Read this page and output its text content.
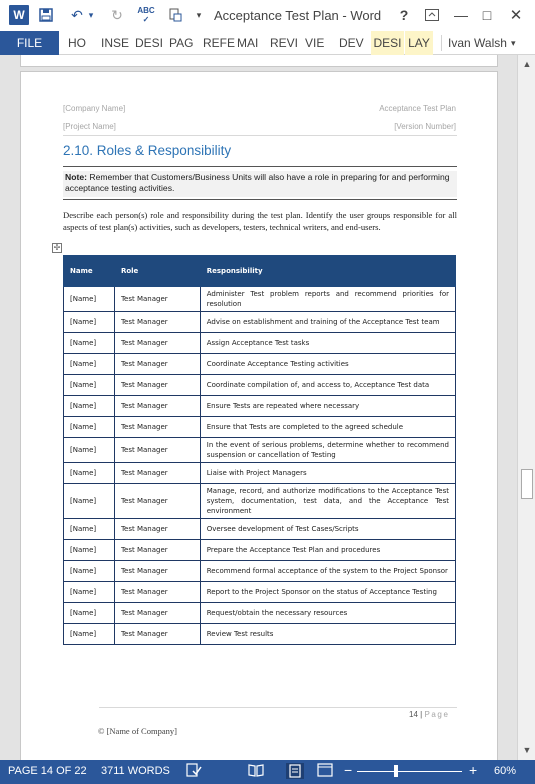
W	↶ ▾ ↻	ABC
✓	▾ Acceptance Test Plan - Word ?	— □ ✕
FILE	HO INSE DESI PAG REFE MAI REVI VIE DEV DESI LAY Ivan Walsh ▾
[Company Name]	Acceptance Test Plan
[Project Name]	[Version Number]
2.10. Roles & Responsibility
Note: Remember that Customers/Business Units will also have a role in preparing for and performing acceptance testing activities.
Describe each person(s) role and responsibility during the test plan. Identify the user groups responsible for all aspects of test plan(s) activities, such as developers, testers, technical writers, and end-users.
✢
Name	Role	Responsibility
[Name]	Test Manager	Administer Test problem reports and recommend priorities for resolution
[Name]	Test Manager	Advise on establishment and training of the Acceptance Test team
[Name]	Test Manager	Assign Acceptance Test tasks
[Name]	Test Manager	Coordinate Acceptance Testing activities
[Name]	Test Manager	Coordinate compilation of, and access to, Acceptance Test data
[Name]	Test Manager	Ensure Tests are repeated where necessary
[Name]	Test Manager	Ensure that Tests are completed to the agreed schedule
[Name]	Test Manager	In the event of serious problems, determine whether to recommend suspension or cancellation of Testing
[Name]	Test Manager	Liaise with Project Managers
[Name]	Test Manager	Manage, record, and authorize modifications to the Acceptance Test system, documentation, test data, and the Acceptance Test environment
[Name]	Test Manager	Oversee development of Test Cases/Scripts
[Name]	Test Manager	Prepare the Acceptance Test Plan and procedures
[Name]	Test Manager	Recommend formal acceptance of the system to the Project Sponsor
[Name]	Test Manager	Report to the Project Sponsor on the status of Acceptance Testing
[Name]	Test Manager	Request/obtain the necessary resources
[Name]	Test Manager	Review Test results
14 | Page
© [Name of Company]
▲
▼
PAGE 14 OF 22 3711 WORDS	−	+ 60%
